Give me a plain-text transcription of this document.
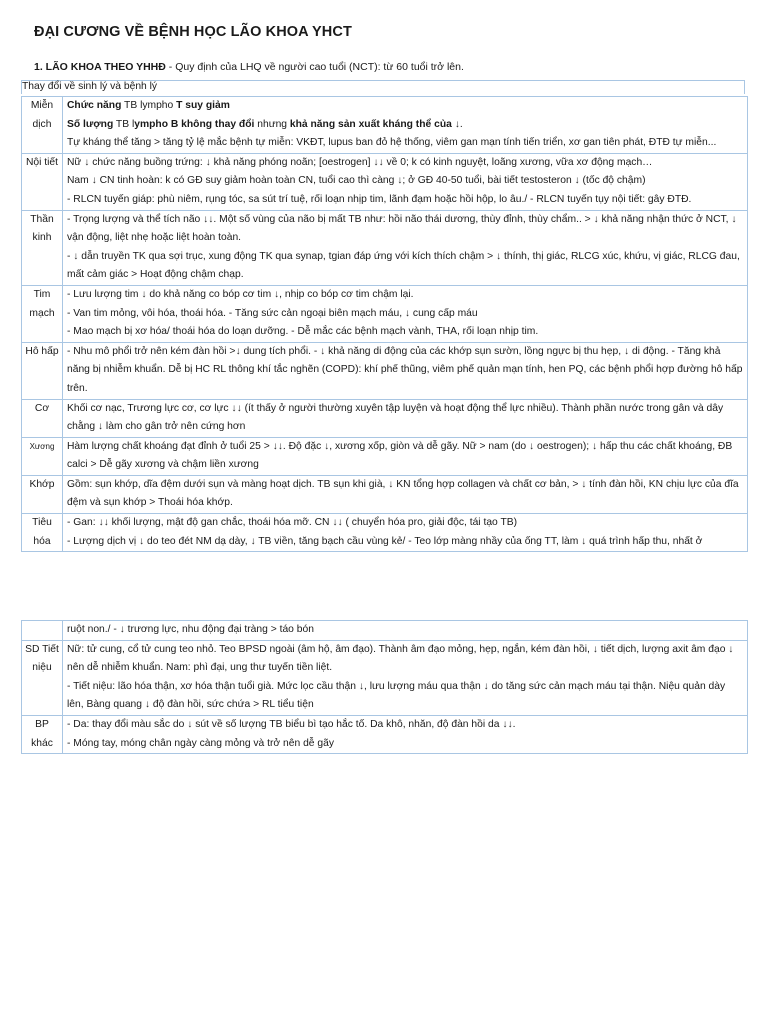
ĐẠI CƯƠNG VỀ BỆNH HỌC LÃO KHOA YHCT
1. LÃO KHOA THEO YHHĐ - Quy định của LHQ về người cao tuổi (NCT): từ 60 tuổi trở lên.
Thay đổi về sinh lý và bệnh lý
Miễn dịch	Chức năng TB lympho T suy giảm
Số lượng TB lympho B không thay đổi nhưng khả năng sản xuất kháng thể của ↓.
Tự kháng thể tăng > tăng tỷ lệ mắc bệnh tự miễn: VKĐT, lupus ban đỏ hệ thống, viêm gan mạn tính tiến triển, xơ gan tiên phát, ĐTĐ tự miễn...

Nội tiết	Nữ ↓ chức năng buồng trứng: ↓ khả năng phóng noãn; [oestrogen] ↓↓ về 0; k có kinh nguyệt, loãng xương, vữa xơ động mạch…
Nam ↓ CN tinh hoàn: k có GĐ suy giảm hoàn toàn CN, tuổi cao thì càng ↓; ở GĐ 40-50 tuổi, bài tiết testosteron ↓ (tốc độ chậm)
- RLCN tuyến giáp: phù niêm, rụng tóc, sa sút trí tuệ, rối loạn nhịp tim, lãnh đạm hoặc hồi hộp, lo âu./ - RLCN tuyến tụy nội tiết: gây ĐTĐ.

Thần kinh	- Trọng lượng và thể tích não ↓↓. Một số vùng của não bị mất TB như: hồi não thái dương, thùy đỉnh, thùy chẩm.. > ↓ khả năng nhận thức ở NCT, ↓ vận động, liệt nhẹ hoặc liệt hoàn toàn.
- ↓ dẫn truyền TK qua sợi trục, xung động TK qua synap, tgian đáp ứng với kích thích chậm > ↓ thính, thị giác, RLCG xúc, khứu, vị giác, RLCG đau, mất cảm giác > Hoạt động chậm chạp.

Tim mạch	- Lưu lượng tim ↓ do khả năng co bóp cơ tim ↓, nhịp co bóp cơ tim chậm lại.
- Van tim mỏng, vôi hóa, thoái hóa. - Tăng sức cản ngoại biên mạch máu, ↓ cung cấp máu
- Mao mạch bị xơ hóa/ thoái hóa do loạn dưỡng. - Dễ mắc các bệnh mạch vành, THA, rối loạn nhịp tim.

Hô hấp	- Nhu mô phổi trở nên kém đàn hồi >↓ dung tích phổi. - ↓ khả năng di động của các khớp sụn sườn, lồng ngực bị thu hẹp, ↓ di động. - Tăng khả năng bị nhiễm khuẩn. Dễ bị HC RL thông khí tắc nghẽn (COPD): khí phế thũng, viêm phế quản mạn tính, hen PQ, các bệnh phổi hợp đường hô hấp trên.

Cơ	Khối cơ nạc, Trương lực cơ, cơ lực ↓↓ (ít thấy ở người thường xuyên tập luyện và hoạt động thể lực nhiều). Thành phần nước trong gân và dây chằng ↓ làm cho gân trở nên cứng hơn

Xương	Hàm lượng chất khoáng đạt đỉnh ở tuổi 25 > ↓↓. Độ đặc ↓, xương xốp, giòn và dễ gãy. Nữ > nam (do ↓ oestrogen); ↓ hấp thu các chất khoáng, ĐB calci > Dễ gãy xương và chậm liền xương

Khớp	Gồm: sụn khớp, dĩa đệm dưới sụn và màng hoạt dịch. TB sụn khi già, ↓ KN tổng hợp collagen và chất cơ bản, > ↓ tính đàn hồi, KN chịu lực của đĩa đệm và sụn khớp > Thoái hóa khớp.

Tiêu hóa	- Gan: ↓↓ khối lượng, mật độ gan chắc, thoái hóa mỡ. CN ↓↓ ( chuyển hóa pro, giải độc, tái tạo TB)
- Lượng dịch vị ↓ do teo đét NM dạ dày, ↓ TB viền, tăng bạch cầu vùng kẻ/ - Teo lớp màng nhầy của ống TT, làm ↓ quá trình hấp thu, nhất ở

	ruột non./ - ↓ trương lực, nhu động đại tràng > táo bón

SD Tiết niệu	Nữ: tử cung, cổ tử cung teo nhỏ. Teo BPSD ngoài (âm hộ, âm đạo). Thành âm đạo mỏng, hẹp, ngắn, kém đàn hồi, ↓ tiết dịch, lượng axit âm đạo ↓ nên dễ nhiễm khuẩn. Nam: phì đại, ung thư tuyến tiền liệt.
- Tiết niệu: lão hóa thận, xơ hóa thận tuổi già. Mức lọc cầu thận ↓, lưu lượng máu qua thận ↓ do tăng sức cản mạch máu tại thận. Niệu quản dày lên, Bàng quang ↓ độ đàn hồi, sức chứa > RL tiểu tiện

BP khác	- Da: thay đổi màu sắc do ↓ sút về số lượng TB biểu bì tạo hắc tố. Da khô, nhăn, độ đàn hồi da ↓↓.
- Móng tay, móng chân ngày càng mỏng và trở nên dễ gãy
